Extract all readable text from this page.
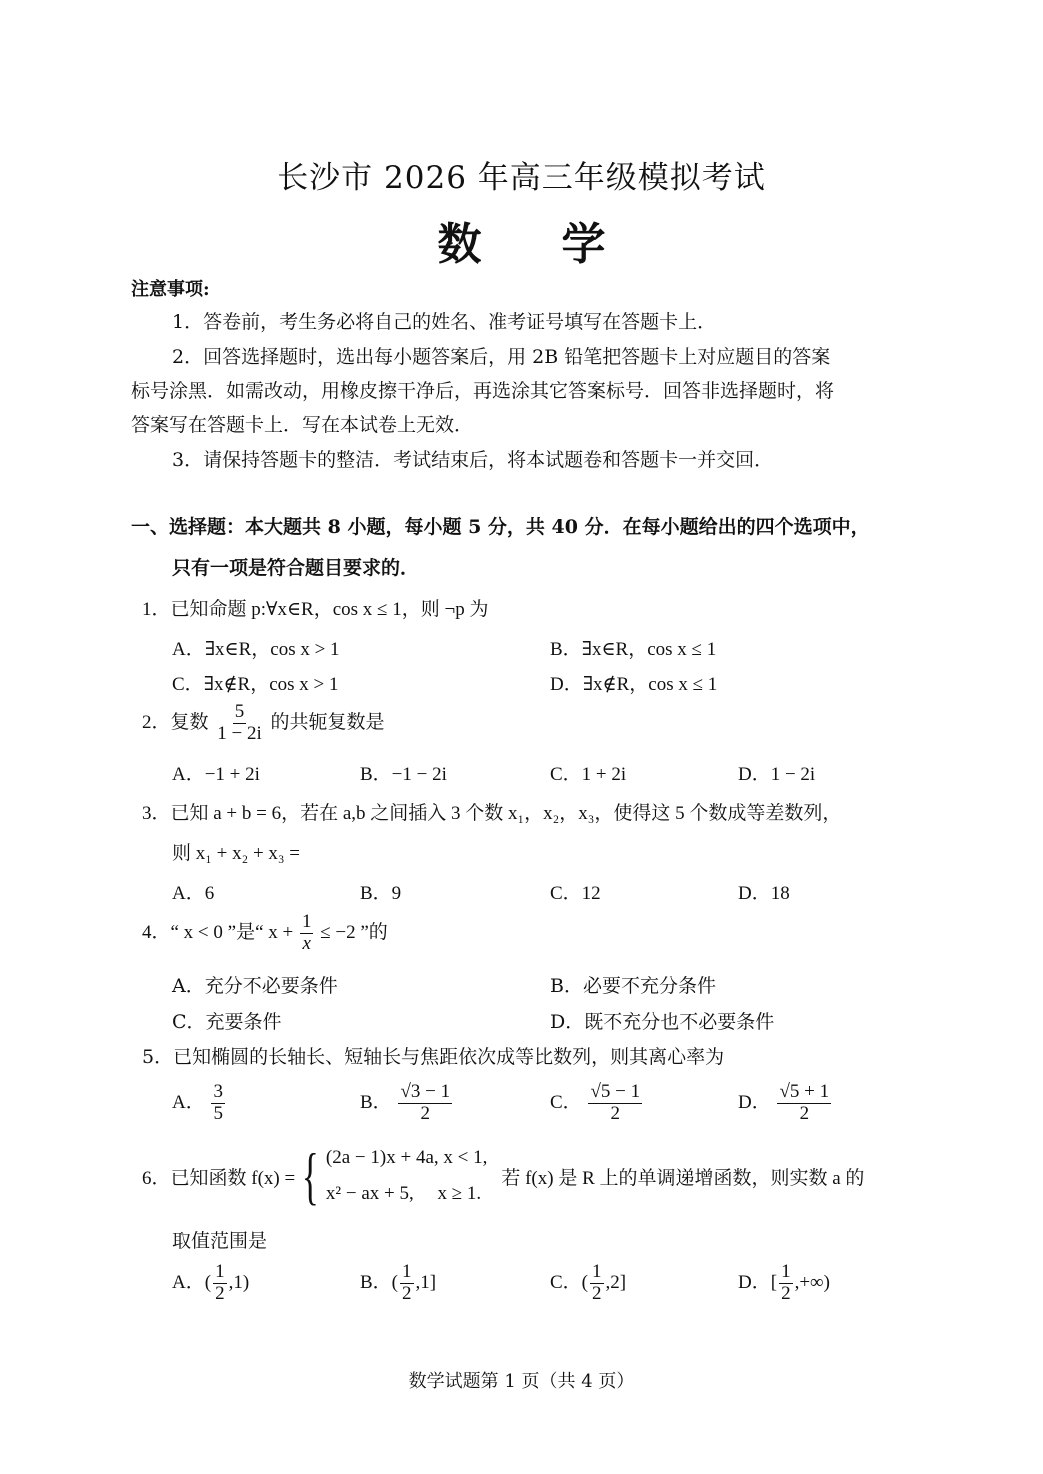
长沙市 2026 年高三年级模拟考试
数学
注意事项:
1．答卷前，考生务必将自己的姓名、准考证号填写在答题卡上．
2．回答选择题时，选出每小题答案后，用 2B 铅笔把答题卡上对应题目的答案
标号涂黑．如需改动，用橡皮擦干净后，再选涂其它答案标号．回答非选择题时，将
答案写在答题卡上．写在本试卷上无效．
3．请保持答题卡的整洁．考试结束后，将本试题卷和答题卡一并交回．
一、选择题：本大题共 8 小题，每小题 5 分，共 40 分．在每小题给出的四个选项中，
只有一项是符合题目要求的．
1．已知命题 p:∀x∈R，cos x ≤ 1，则 ¬p 为
A．∃x∈R，cos x > 1	B．∃x∈R，cos x ≤ 1
C．∃x∉R，cos x > 1	D．∃x∉R，cos x ≤ 1
2．复数 $\frac{5}{1 - 2i}$ 的共轭复数是
A．−1 + 2i	B．−1 − 2i	C．1 + 2i	D．1 − 2i
3．已知 a + b = 6，若在 a,b 之间插入 3 个数 x₁，x₂，x₃，使得这 5 个数成等差数列，
则 x₁ + x₂ + x₃ =
A．6	B．9	C．12	D．18
4．“ x < 0 ”是“ $x + \frac{1}{x} \le -2$ ”的
A．充分不必要条件	B．必要不充分条件
C．充要条件	D．既不充分也不必要条件
5．已知椭圆的长轴长、短轴长与焦距依次成等比数列，则其离心率为
A． $\frac{3}{5}$	B． $\frac{√3 - 1}{2}$	C． $\frac{√5 - 1}{2}$	D． $\frac{√5 + 1}{2}$
6．已知函数 f(x) = { (2a − 1)x + 4a, x < 1,
x² − ax + 5,     x ≥ 1.
若 f(x) 是 R 上的单调递增函数，则实数 a 的
取值范围是
A．( $\frac{1}{2} ,1$)	B．( $\frac{1}{2} ,1$]	C．( $\frac{1}{2} ,2$]	D．[ $\frac{1}{2}$ ,+∞)
数学试题第 1 页（共 4 页）
